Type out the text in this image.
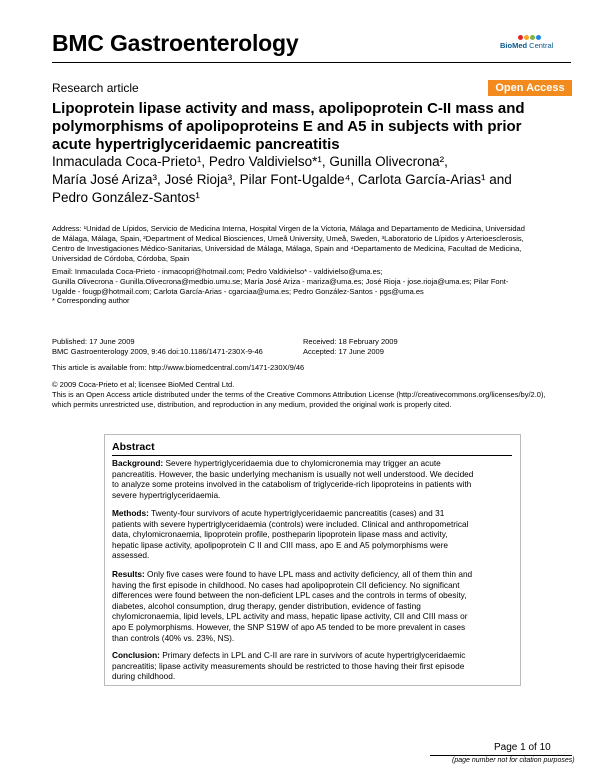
BMC Gastroenterology	BioMed Central
Research article	Open Access
Lipoprotein lipase activity and mass, apolipoprotein C-II mass and
polymorphisms of apolipoproteins E and A5 in subjects with prior
acute hypertriglyceridaemic pancreatitis
Inmaculada Coca-Prieto¹, Pedro Valdivielso*¹, Gunilla Olivecrona²,
María José Ariza³, José Rioja³, Pilar Font-Ugalde⁴, Carlota García-Arias¹ and
Pedro González-Santos¹
Address: ¹Unidad de Lípidos, Servicio de Medicina Interna, Hospital Virgen de la Victoria, Málaga and Departamento de Medicina, Universidad
de Málaga, Málaga, Spain, ²Department of Medical Biosciences, Umeå University, Umeå, Sweden, ³Laboratorio de Lípidos y Arterioesclerosis,
Centro de Investigaciones Médico-Sanitarias, Universidad de Málaga, Málaga, Spain and ⁴Departamento de Medicina, Facultad de Medicina,
Universidad de Córdoba, Córdoba, Spain
Email: Inmaculada Coca-Prieto - inmacopri@hotmail.com; Pedro Valdivielso* - valdivielso@uma.es;
Gunilla Olivecrona - Gunilla.Olivecrona@medbio.umu.se; María José Ariza - mariza@uma.es; José Rioja - jose.rioja@uma.es; Pilar Font-
Ugalde - fougp@hotmail.com; Carlota García-Arias - cgarciaa@uma.es; Pedro González-Santos - pgs@uma.es
* Corresponding author
Published: 17 June 2009
BMC Gastroenterology 2009, 9:46 doi:10.1186/1471-230X-9-46
Received: 18 February 2009
Accepted: 17 June 2009
This article is available from: http://www.biomedcentral.com/1471-230X/9/46
© 2009 Coca-Prieto et al; licensee BioMed Central Ltd.
This is an Open Access article distributed under the terms of the Creative Commons Attribution License (http://creativecommons.org/licenses/by/2.0),
which permits unrestricted use, distribution, and reproduction in any medium, provided the original work is properly cited.
Abstract
Background: Severe hypertriglyceridaemia due to chylomicronemia may trigger an acute
pancreatitis. However, the basic underlying mechanism is usually not well understood. We decided
to analyze some proteins involved in the catabolism of triglyceride-rich lipoproteins in patients with
severe hypertriglyceridaemia.
Methods: Twenty-four survivors of acute hypertriglyceridaemic pancreatitis (cases) and 31
patients with severe hypertriglyceridaemia (controls) were included. Clinical and anthropometrical
data, chylomicronaemia, lipoprotein profile, postheparin lipoprotein lipase mass and activity,
hepatic lipase activity, apolipoprotein C II and CIII mass, apo E and A5 polymorphisms were
assessed.
Results: Only five cases were found to have LPL mass and activity deficiency, all of them thin and
having the first episode in childhood. No cases had apolipoprotein CII deficiency. No significant
differences were found between the non-deficient LPL cases and the controls in terms of obesity,
diabetes, alcohol consumption, drug therapy, gender distribution, evidence of fasting
chylomicronaemia, lipid levels, LPL activity and mass, hepatic lipase activity, CII and CIII mass or
apo E polymorphisms. However, the SNP S19W of apo A5 tended to be more prevalent in cases
than controls (40% vs. 23%, NS).
Conclusion: Primary defects in LPL and C-II are rare in survivors of acute hypertriglyceridaemic
pancreatitis; lipase activity measurements should be restricted to those having their first episode
during childhood.
Page 1 of 10
(page number not for citation purposes)
